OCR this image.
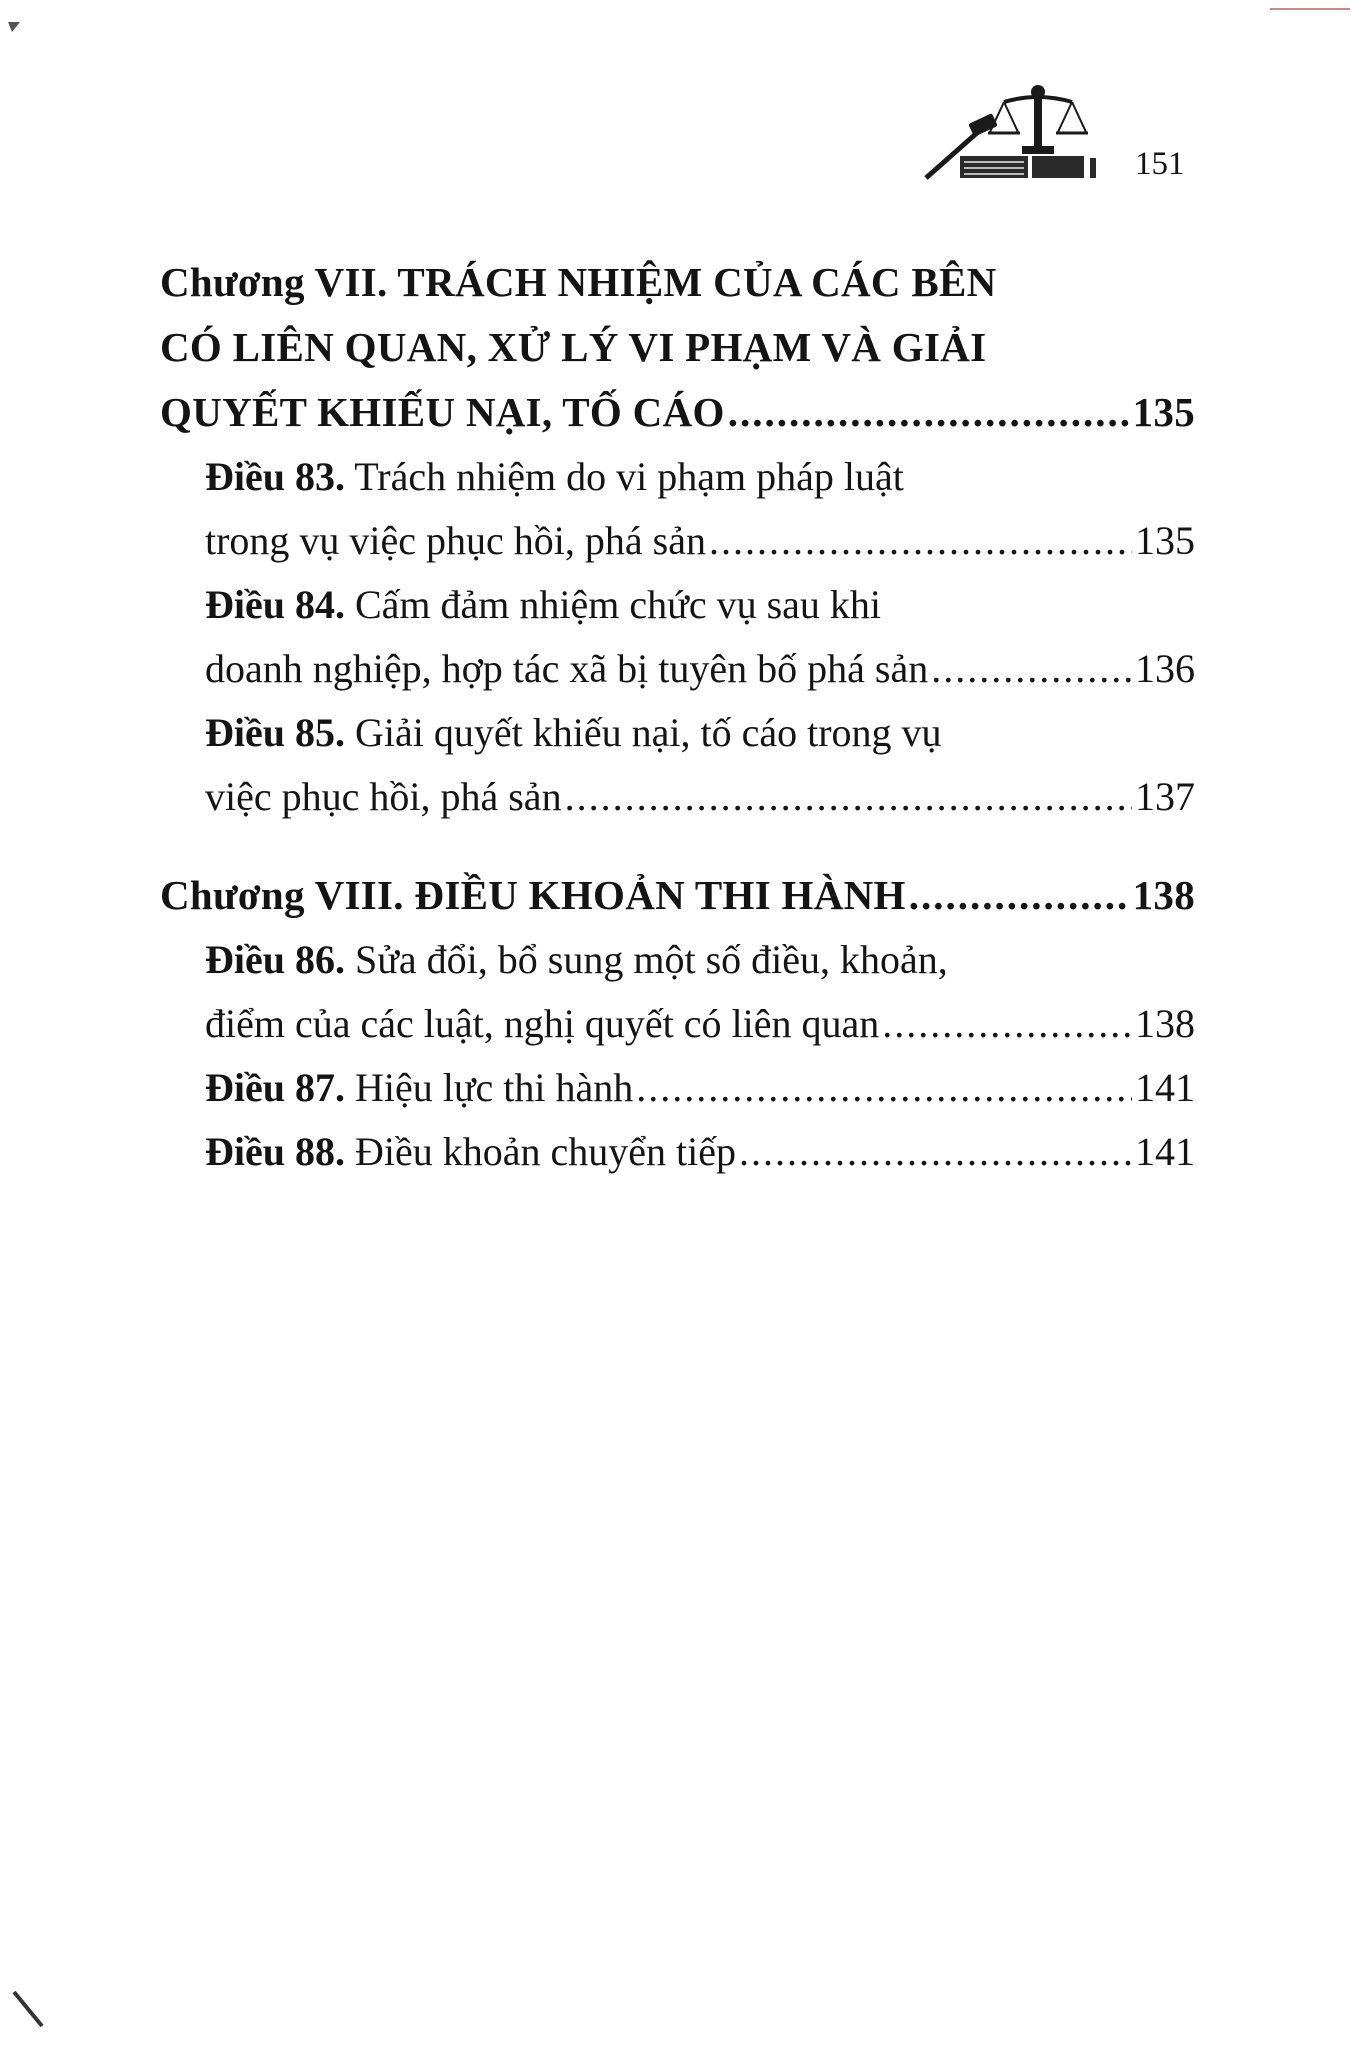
151
Chương VII. TRÁCH NHIỆM CỦA CÁC BÊN
CÓ LIÊN QUAN, XỬ LÝ VI PHẠM VÀ GIẢI
QUYẾT KHIẾU NẠI, TỐ CÁO .....	135
Điều 83. Trách nhiệm do vi phạm pháp luật
trong vụ việc phục hồi, phá sản .....	135
Điều 84. Cấm đảm nhiệm chức vụ sau khi
doanh nghiệp, hợp tác xã bị tuyên bố phá sản .....	136
Điều 85. Giải quyết khiếu nại, tố cáo trong vụ
việc phục hồi, phá sản .....	137
Chương VIII. ĐIỀU KHOẢN THI HÀNH .....	138
Điều 86. Sửa đổi, bổ sung một số điều, khoản,
điểm của các luật, nghị quyết có liên quan .....	138
Điều 87. Hiệu lực thi hành .....	141
Điều 88. Điều khoản chuyển tiếp .....	141
